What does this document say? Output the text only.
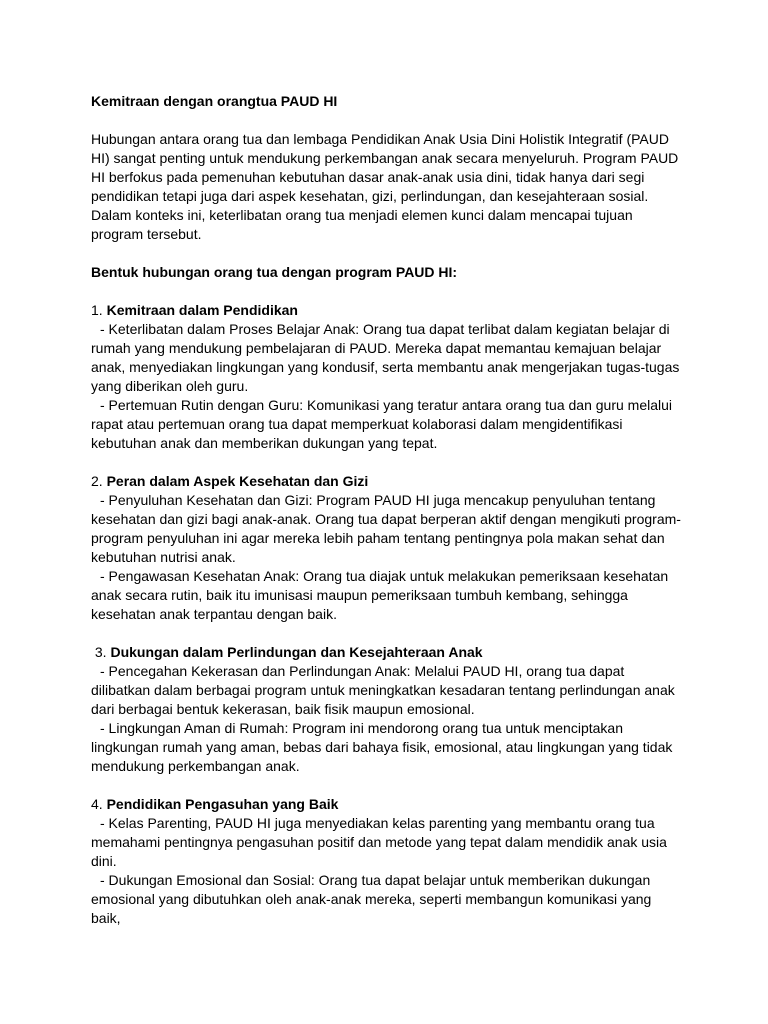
Kemitraan dengan orangtua PAUD HI

Hubungan antara orang tua dan lembaga Pendidikan Anak Usia Dini Holistik Integratif (PAUD HI) sangat penting untuk mendukung perkembangan anak secara menyeluruh. Program PAUD HI berfokus pada pemenuhan kebutuhan dasar anak-anak usia dini, tidak hanya dari segi pendidikan tetapi juga dari aspek kesehatan, gizi, perlindungan, dan kesejahteraan sosial. Dalam konteks ini, keterlibatan orang tua menjadi elemen kunci dalam mencapai tujuan program tersebut.

Bentuk hubungan orang tua dengan program PAUD HI:

1. Kemitraan dalam Pendidikan

- Keterlibatan dalam Proses Belajar Anak: Orang tua dapat terlibat dalam kegiatan belajar di rumah yang mendukung pembelajaran di PAUD. Mereka dapat memantau kemajuan belajar anak, menyediakan lingkungan yang kondusif, serta membantu anak mengerjakan tugas-tugas yang diberikan oleh guru.

- Pertemuan Rutin dengan Guru: Komunikasi yang teratur antara orang tua dan guru melalui rapat atau pertemuan orang tua dapat memperkuat kolaborasi dalam mengidentifikasi kebutuhan anak dan memberikan dukungan yang tepat.

2. Peran dalam Aspek Kesehatan dan Gizi

- Penyuluhan Kesehatan dan Gizi: Program PAUD HI juga mencakup penyuluhan tentang kesehatan dan gizi bagi anak-anak. Orang tua dapat berperan aktif dengan mengikuti program-program penyuluhan ini agar mereka lebih paham tentang pentingnya pola makan sehat dan kebutuhan nutrisi anak.

- Pengawasan Kesehatan Anak: Orang tua diajak untuk melakukan pemeriksaan kesehatan anak secara rutin, baik itu imunisasi maupun pemeriksaan tumbuh kembang, sehingga kesehatan anak terpantau dengan baik.

3. Dukungan dalam Perlindungan dan Kesejahteraan Anak

- Pencegahan Kekerasan dan Perlindungan Anak: Melalui PAUD HI, orang tua dapat dilibatkan dalam berbagai program untuk meningkatkan kesadaran tentang perlindungan anak dari berbagai bentuk kekerasan, baik fisik maupun emosional.

- Lingkungan Aman di Rumah: Program ini mendorong orang tua untuk menciptakan lingkungan rumah yang aman, bebas dari bahaya fisik, emosional, atau lingkungan yang tidak mendukung perkembangan anak.

4. Pendidikan Pengasuhan yang Baik

- Kelas Parenting, PAUD HI juga menyediakan kelas parenting yang membantu orang tua memahami pentingnya pengasuhan positif dan metode yang tepat dalam mendidik anak usia dini.

- Dukungan Emosional dan Sosial: Orang tua dapat belajar untuk memberikan dukungan emosional yang dibutuhkan oleh anak-anak mereka, seperti membangun komunikasi yang baik,
